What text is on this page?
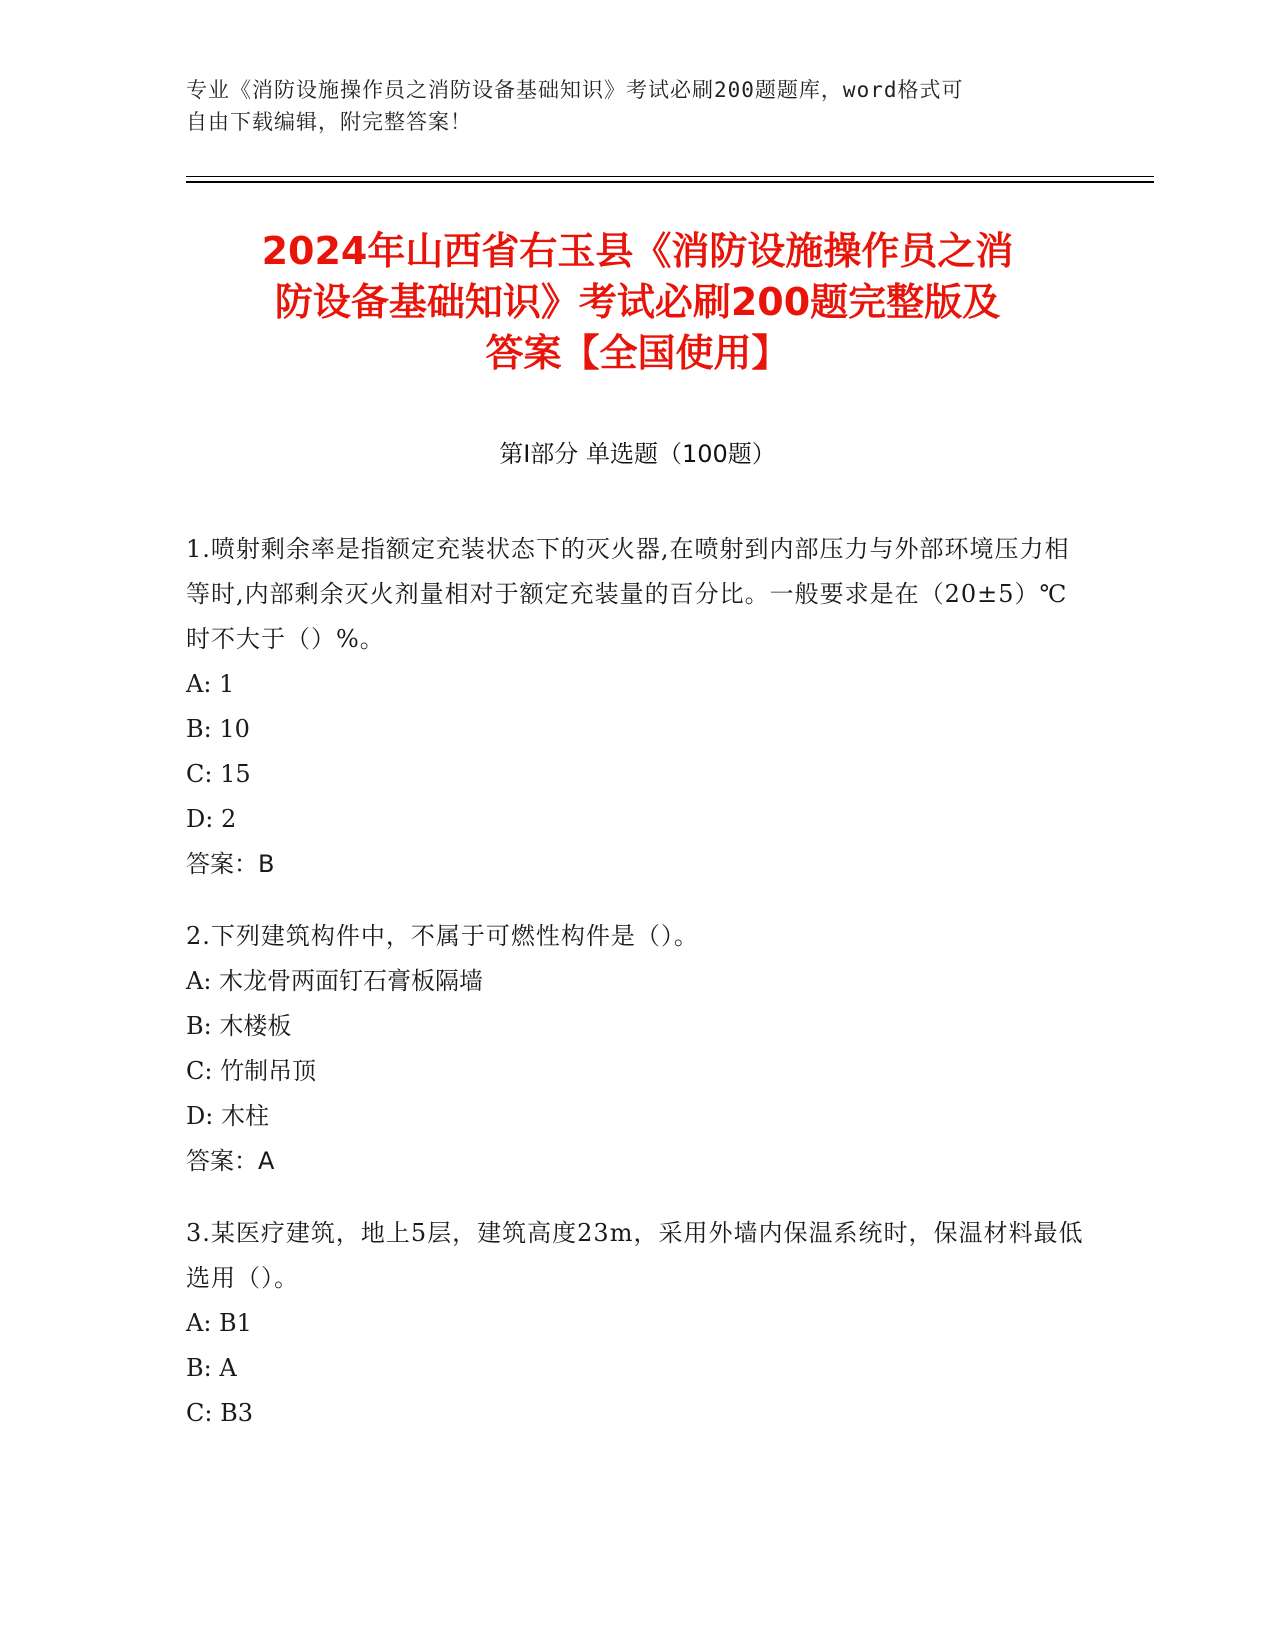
专业《消防设施操作员之消防设备基础知识》考试必刷200题题库，word格式可
自由下载编辑，附完整答案！
2024年山西省右玉县《消防设施操作员之消
防设备基础知识》考试必刷200题完整版及
答案【全国使用】
第I部分 单选题（100题）

1.喷射剩余率是指额定充装状态下的灭火器,在喷射到内部压力与外部环境压力相等时,内部剩余灭火剂量相对于额定充装量的百分比。一般要求是在（20±5）℃时不大于（）%。

A: 1

B: 10

C: 15

D: 2

答案：B

2.下列建筑构件中，不属于可燃性构件是（）。

A: 木龙骨两面钉石膏板隔墙

B: 木楼板

C: 竹制吊顶

D: 木柱

答案：A

3.某医疗建筑，地上5层，建筑高度23m，采用外墙内保温系统时，保温材料最低选用（）。

A: B1

B: A

C: B3
